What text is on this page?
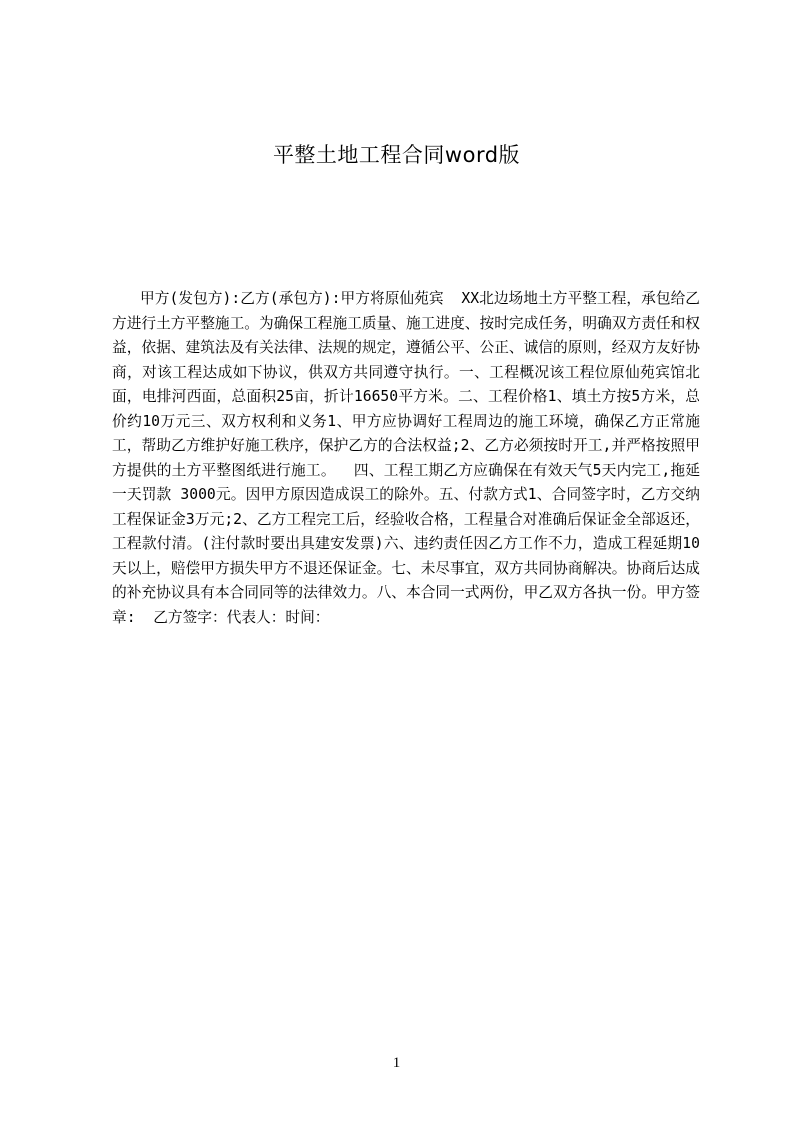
平整土地工程合同word版

甲方(发包方):乙方(承包方):甲方将原仙苑宾  XX北边场地土方平整工程，承包给乙方进行土方平整施工。为确保工程施工质量、施工进度、按时完成任务，明确双方责任和权益，依据、建筑法及有关法律、法规的规定，遵循公平、公正、诚信的原则，经双方友好协商，对该工程达成如下协议，供双方共同遵守执行。一、工程概况该工程位原仙苑宾馆北面，电排河西面，总面积25亩，折计16650平方米。二、工程价格1、填土方按5方米，总价约10万元三、双方权利和义务1、甲方应协调好工程周边的施工环境，确保乙方正常施工，帮助乙方维护好施工秩序，保护乙方的合法权益;2、乙方必须按时开工,并严格按照甲方提供的土方平整图纸进行施工。  四、工程工期乙方应确保在有效天气5天内完工,拖延一天罚款 3000元。因甲方原因造成误工的除外。五、付款方式1、合同签字时，乙方交纳工程保证金3万元;2、乙方工程完工后，经验收合格，工程量合对准确后保证金全部返还，工程款付清。(注付款时要出具建安发票)六、违约责任因乙方工作不力，造成工程延期10天以上，赔偿甲方损失甲方不退还保证金。七、未尽事宜，双方共同协商解决。协商后达成的补充协议具有本合同同等的法律效力。八、本合同一式两份，甲乙双方各执一份。甲方签章:  乙方签字：代表人：时间：

1
